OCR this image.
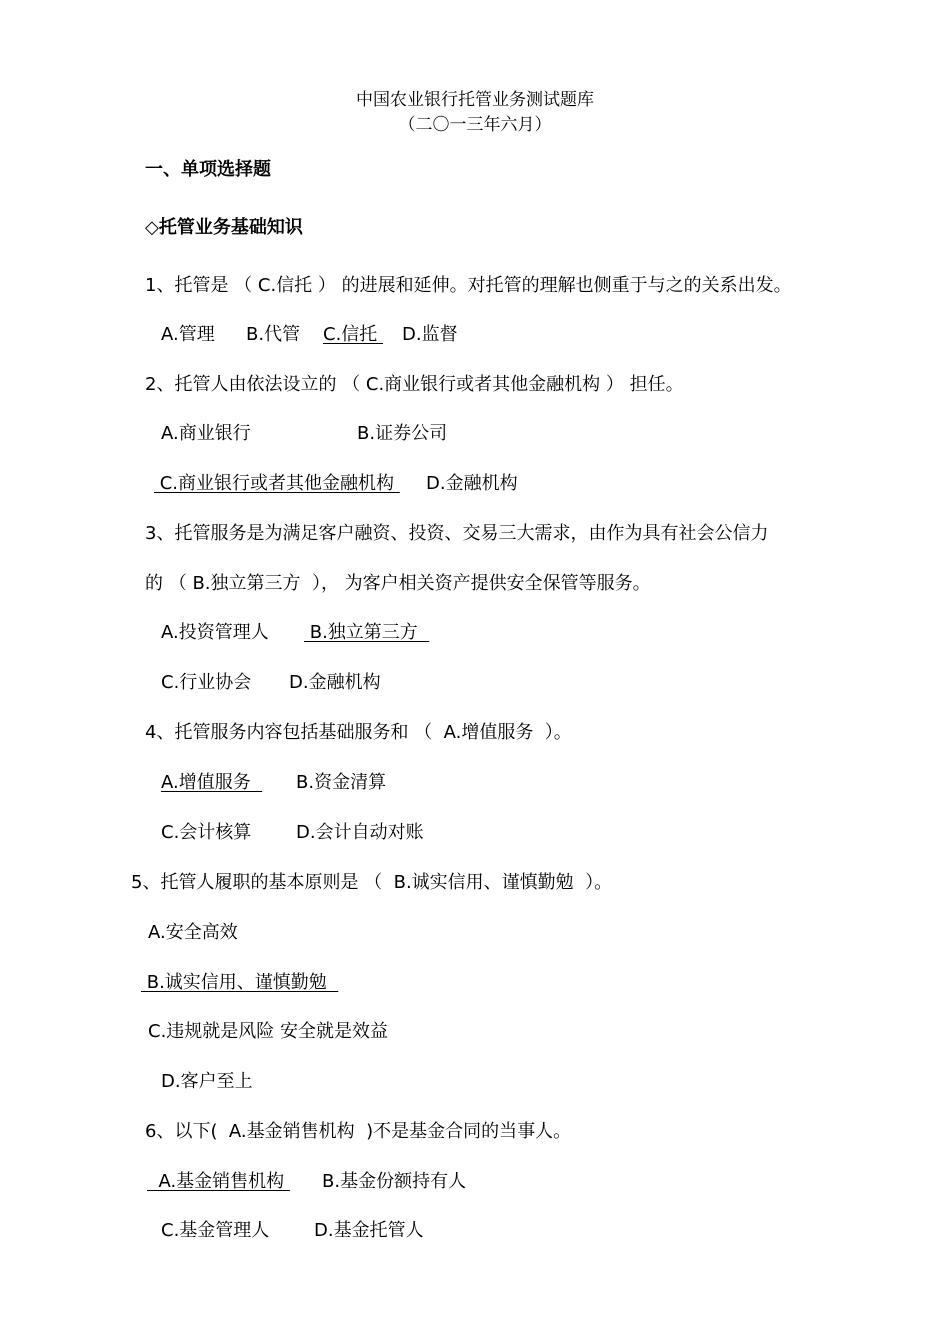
中国农业银行托管业务测试题库
（二〇一三年六月）
一、单项选择题
◇托管业务基础知识
1、托管是 （ C.信托 ） 的进展和延伸。对托管的理解也侧重于与之的关系出发。
A.管理 B.代管 C.信托 D.监督
2、托管人由依法设立的 （ C.商业银行或者其他金融机构 ） 担任。
A.商业银行	B.证券公司
C.商业银行或者其他金融机构 D.金融机构
3、托管服务是为满足客户融资、投资、交易三大需求，由作为具有社会公信力
的 （ B.独立第三方  ）， 为客户相关资产提供安全保管等服务。
A.投资管理人 B.独立第三方
C.行业协会 D.金融机构
4、托管服务内容包括基础服务和 （  A.增值服务  ）。
A.增值服务 B.资金清算
C.会计核算 D.会计自动对账
5、托管人履职的基本原则是 （  B.诚实信用、谨慎勤勉  ）。
A.安全高效
B.诚实信用、谨慎勤勉
C.违规就是风险 安全就是效益
D.客户至上
6、以下(  A.基金销售机构  )不是基金合同的当事人。
A.基金销售机构 B.基金份额持有人
C.基金管理人 D.基金托管人
